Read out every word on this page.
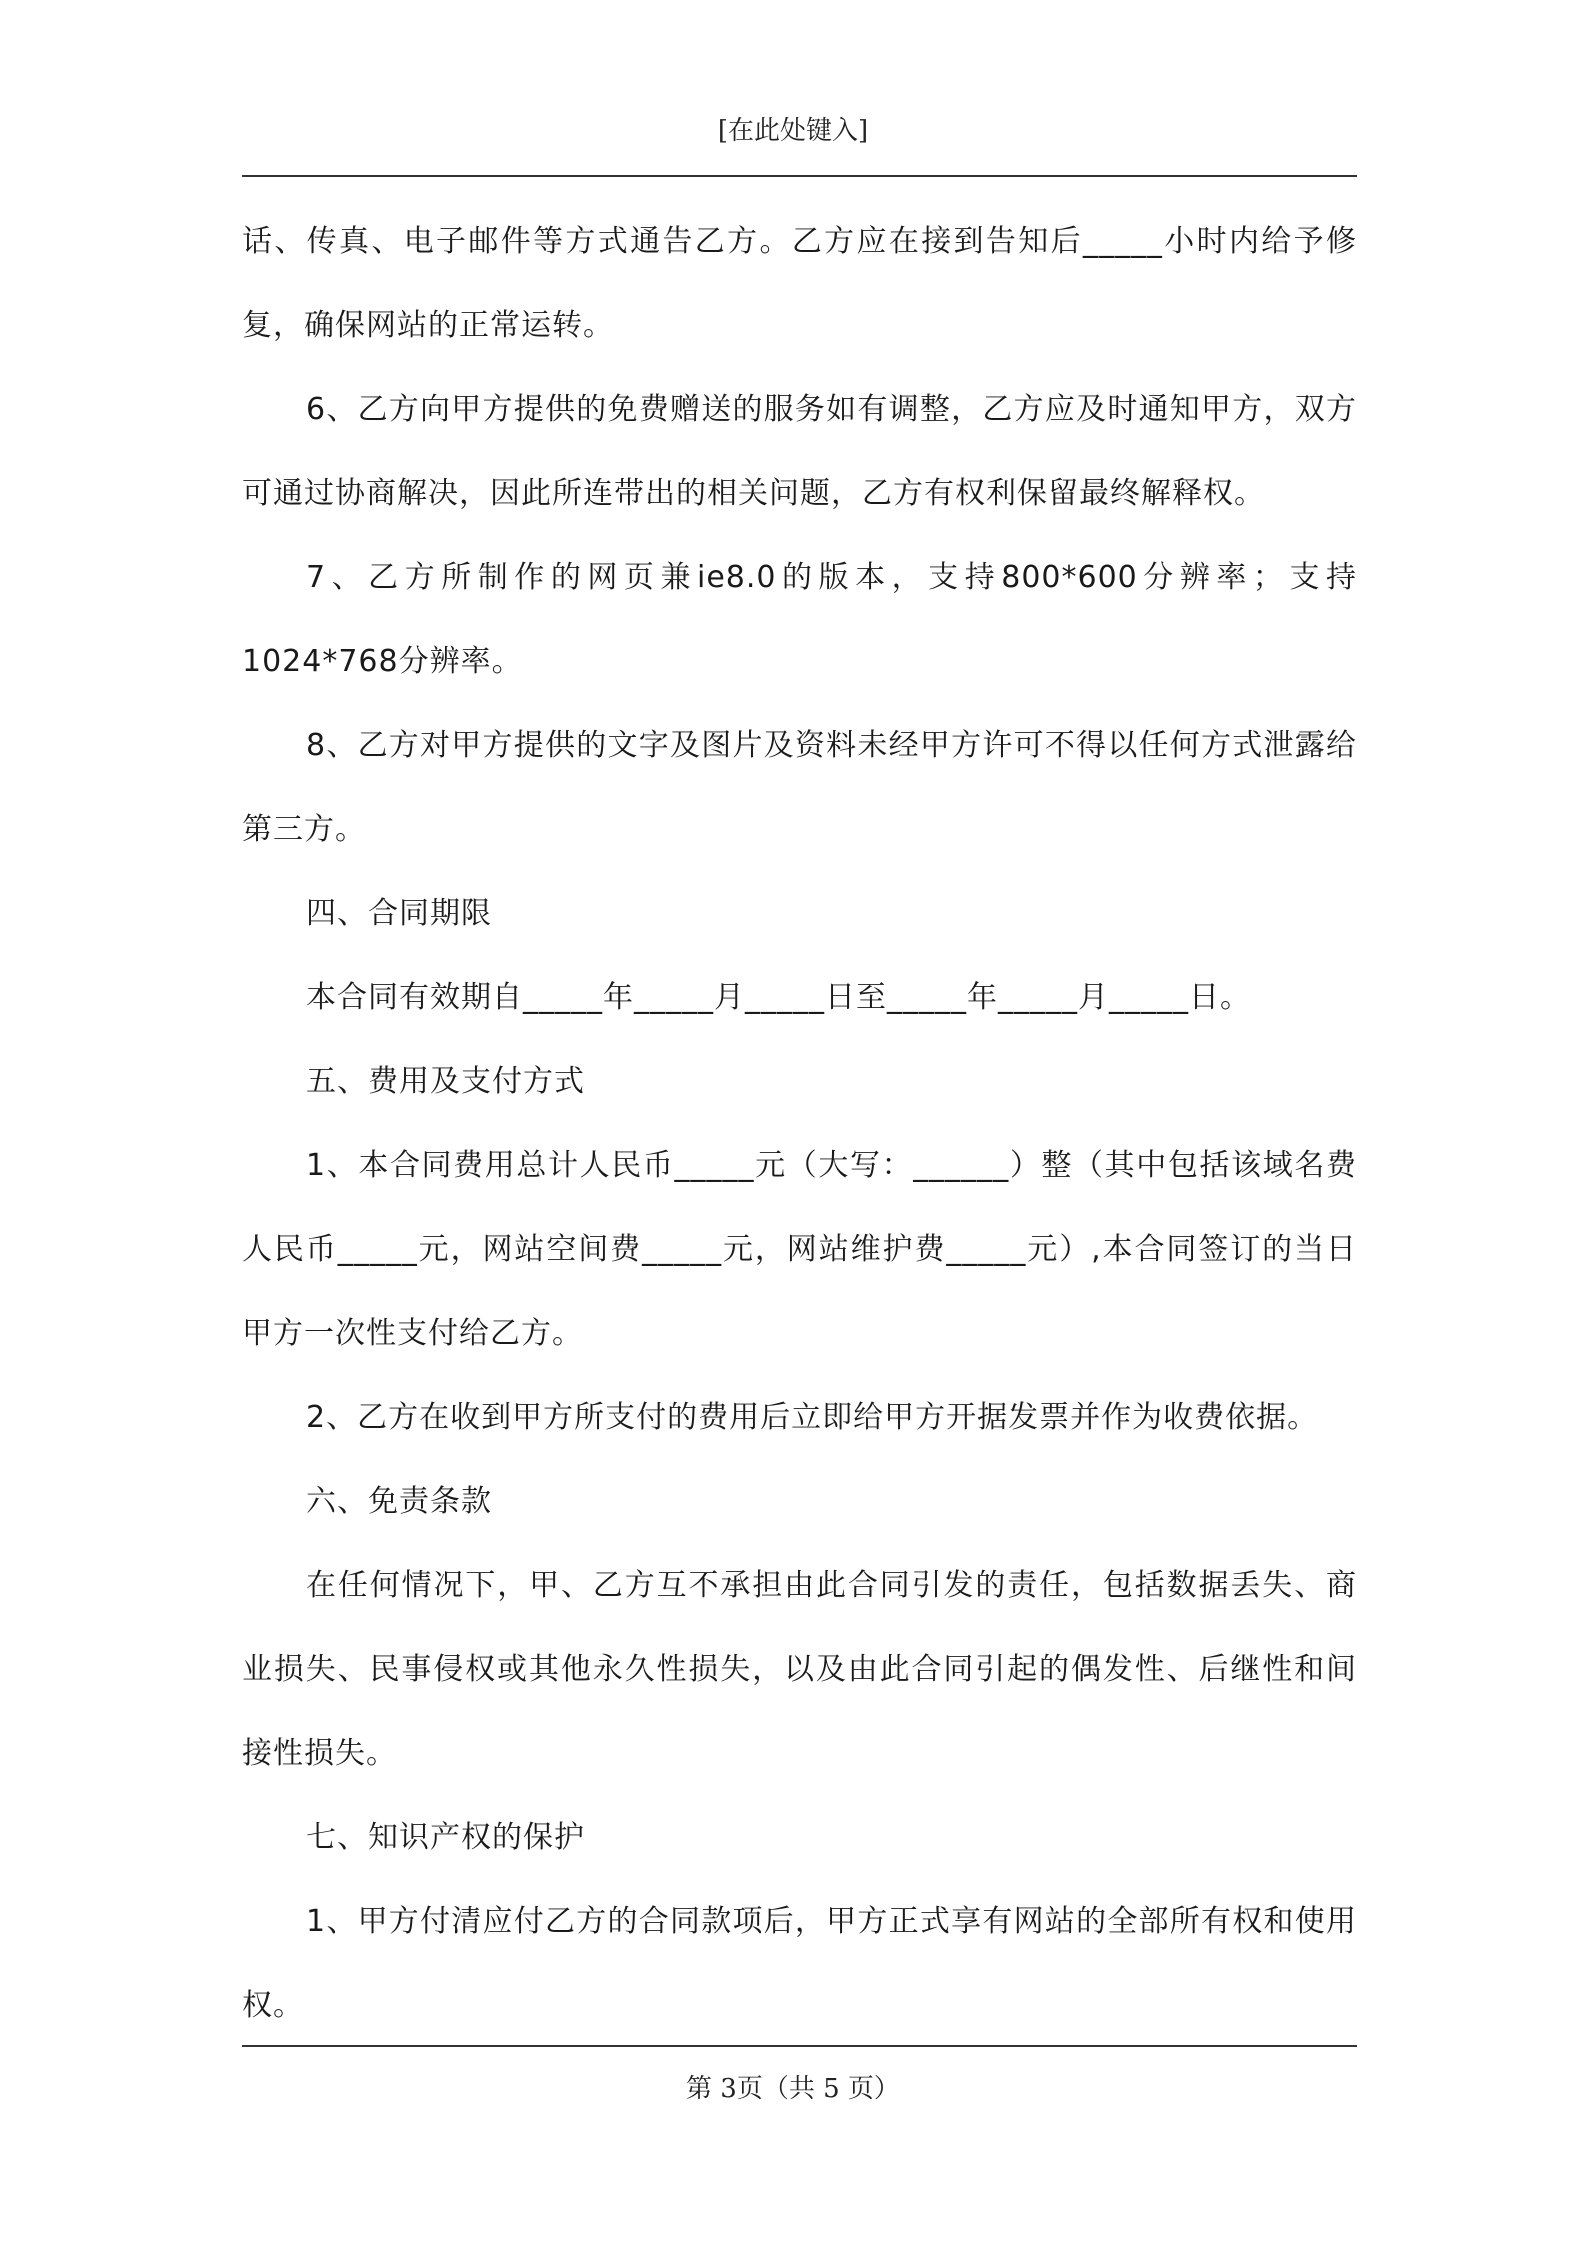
[在此处键入]

话、传真、电子邮件等方式通告乙方。乙方应在接到告知后_____小时内给予修复，确保网站的正常运转。

6、乙方向甲方提供的免费赠送的服务如有调整，乙方应及时通知甲方，双方可通过协商解决，因此所连带出的相关问题，乙方有权利保留最终解释权。

7、乙方所制作的网页兼ie8.0的版本，支持800*600分辨率；支持1024*768分辨率。

8、乙方对甲方提供的文字及图片及资料未经甲方许可不得以任何方式泄露给第三方。

四、合同期限

本合同有效期自_____年_____月_____日至_____年_____月_____日。

五、费用及支付方式

1、本合同费用总计人民币_____元（大写：______）整（其中包括该域名费人民币_____元，网站空间费_____元，网站维护费_____元）,本合同签订的当日甲方一次性支付给乙方。

2、乙方在收到甲方所支付的费用后立即给甲方开据发票并作为收费依据。

六、免责条款

在任何情况下，甲、乙方互不承担由此合同引发的责任，包括数据丢失、商业损失、民事侵权或其他永久性损失，以及由此合同引起的偶发性、后继性和间接性损失。

七、知识产权的保护

1、甲方付清应付乙方的合同款项后，甲方正式享有网站的全部所有权和使用权。

第 3页（共 5 页）
